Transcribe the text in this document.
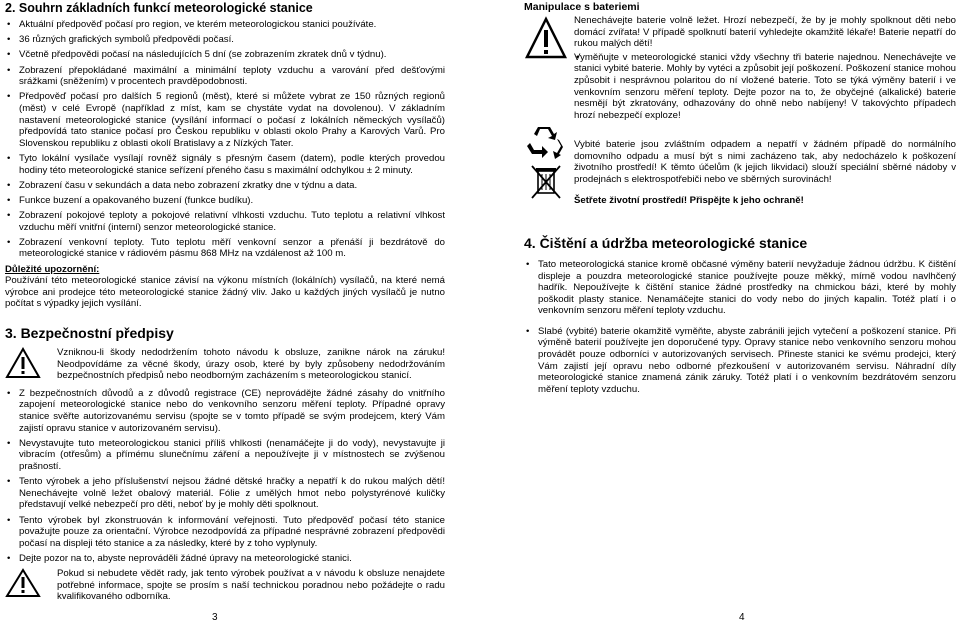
2. Souhrn základních funkcí meteorologické stanice
• Aktuální předpověď počasí pro region, ve kterém meteorologickou stanici používáte.
• 36 různých grafických symbolů předpovědi počasí.
• Včetně předpovědi počasí na následujících 5 dní (se zobrazením zkratek dnů v týdnu).
• Zobrazení přepokládané maximální a minimální teploty vzduchu a varování před dešťovými srážkami (sněžením) v procentech pravděpodobnosti.
• Předpověď počasí pro dalších 5 regionů (měst), které si můžete vybrat ze 150 různých regionů (měst) v celé Evropě (například z míst, kam se chystáte vydat na dovolenou). V základním nastavení meteorologické stanice (vysílání informací o počasí z lokálních německých vysílačů) předpovídá tato stanice počasí pro Českou republiku v oblasti okolo Prahy a Karových Varů. Pro Slovenskou republiku z oblasti okolí Bratislavy a z Nízkých Tater.
• Tyto lokální vysílače vysílají rovněž signály s přesným časem (datem), podle kterých provedou hodiny této meteorologické stanice seřízení přeného času s maximální odchylkou ± 2 minuty.
• Zobrazení času v sekundách a data nebo zobrazení zkratky dne v týdnu a data.
• Funkce buzení a opakovaného buzení (funkce budíku).
• Zobrazení pokojové teploty a pokojové relativní vlhkosti vzduchu. Tuto teplotu a relativní vlhkost vzduchu měří vnitřní (interní) senzor meteorologické stanice.
• Zobrazení venkovní teploty. Tuto teplotu měří venkovní senzor a přenáší ji bezdrátově do meteorologické stanice v rádiovém pásmu 868 MHz na vzdálenost až 100 m.
Důležité upozornění:

Používání této meteorologické stanice závisí na výkonu místních (lokálních) vysílačů, na které nemá výrobce ani prodejce této meteorologické stanice žádný vliv. Jako u každých jiných vysílačů je nutno počítat s výpadky jejich vysílání.

3. Bezpečnostní předpisy

Vzniknou-li škody nedodržením tohoto návodu k obsluze, zanikne nárok na záruku! Neodpovídáme za věcné škody, úrazy osob, které by byly způsobeny nedodržováním bezpečnostních předpisů nebo neodborným zacházením s meteorologickou stanicí.

• Z bezpečnostních důvodů a z důvodů registrace (CE) neprovádějte žádné zásahy do vnitřního zapojení meteorologické stanice nebo do venkovního senzoru měření teploty. Případné opravy stanice svěřte autorizovanému servisu (spojte se v tomto případě se svým prodejcem, který Vám zajistí opravu stanice v autorizovaném servisu).
• Nevystavujte tuto meteorologickou stanici příliš vhlkosti (nenamáčejte ji do vody), nevystavujte ji vibracím (otřesům) a přímému slunečnímu záření a nepoužívejte ji v místnostech se zvýšenou prašností.
• Tento výrobek a jeho příslušenství nejsou žádné dětské hračky a nepatří k do rukou malých dětí! Nenechávejte volně ležet obalový materiál. Fólie z umělých hmot nebo polystyrénové kuličky představují velké nebezpečí pro děti, neboť by je mohly děti spolknout.
• Tento výrobek byl zkonstruován k informování veřejnosti. Tuto předpověď počasí této stanice považujte pouze za orientační. Výrobce nezodpovídá za případné nesprávné zobrazení předpovědi počasí na displeji této stanice a za následky, které by z toho vyplynuly.
• Dejte pozor na to, abyste neprováděli žádné úpravy na meteorologické stanici.

Pokud si nebudete vědět rady, jak tento výrobek používat a v návodu k obsluze nenajdete potřebné informace, spojte se prosím s naší technickou poradnou nebo požádejte o radu kvalifikovaného odborníka.

3
Manipulace s bateriemi

Nenechávejte baterie volně ležet. Hrozí nebezpečí, že by je mohly spolknout děti nebo domácí zvířata! V případě spolknutí baterií vyhledejte okamžitě lékaře! Baterie nepatří do rukou malých dětí!

• Vyměňujte v meteorologické stanici vždy všechny tři baterie najednou. Nenechávejte ve stanici vybité baterie. Mohly by vytéci a způsobit její poškození. Poškození stanice mohou způsobit i nesprávnou polaritou do ní vložené baterie. Toto se týká výměny baterií i ve venkovním senzoru měření teploty. Dejte pozor na to, že obyčejné (alkalické) baterie nesmějí být zkratovány, odhazovány do ohně nebo nabíjeny! V takovýchto případech hrozí nebezpečí exploze!

Vybité baterie jsou zvláštním odpadem a nepatří v žádném případě do normálního domovního odpadu a musí být s nimi zacházeno tak, aby nedocházelo k poškození životního prostředí! K těmto účelům (k jejich likvidaci) slouží speciální sběrné nádoby v prodejnách s elektrospotřebiči nebo ve sběrných surovinách!

Šetřete životní prostředí! Přispějte k jeho ochraně!

4. Čištění a údržba meteorologické stanice
• Tato meteorologická stanice kromě občasné výměny baterií nevyžaduje žádnou údržbu. K čištění displeje a pouzdra meteorologické stanice používejte pouze měkký, mírně vodou navlhčený hadřík. Nepoužívejte k čištění stanice žádné prostředky na chmickou bázi, které by mohly poškodit plasty stanice. Nenamáčejte stanici do vody nebo do jiných kapalin. Totéž platí i o venkovním senzoru měření teploty vzduchu.
• Slabé (vybité) baterie okamžitě vyměňte, abyste zabránili jejich vytečení a poškození stanice. Při výměně baterií používejte jen doporučené typy. Opravy stanice nebo venkovního senzoru mohou provádět pouze odborníci v autorizovaných servisech. Přineste stanici ke svému prodejci, který Vám zajistí její opravu nebo odborné přezkoušení v autorizovaném servisu. Náhradní díly meteorologické stanice znamená zánik záruky. Totéž platí i o venkovním bezdrátovém senzoru měření teploty vzduchu.
4
